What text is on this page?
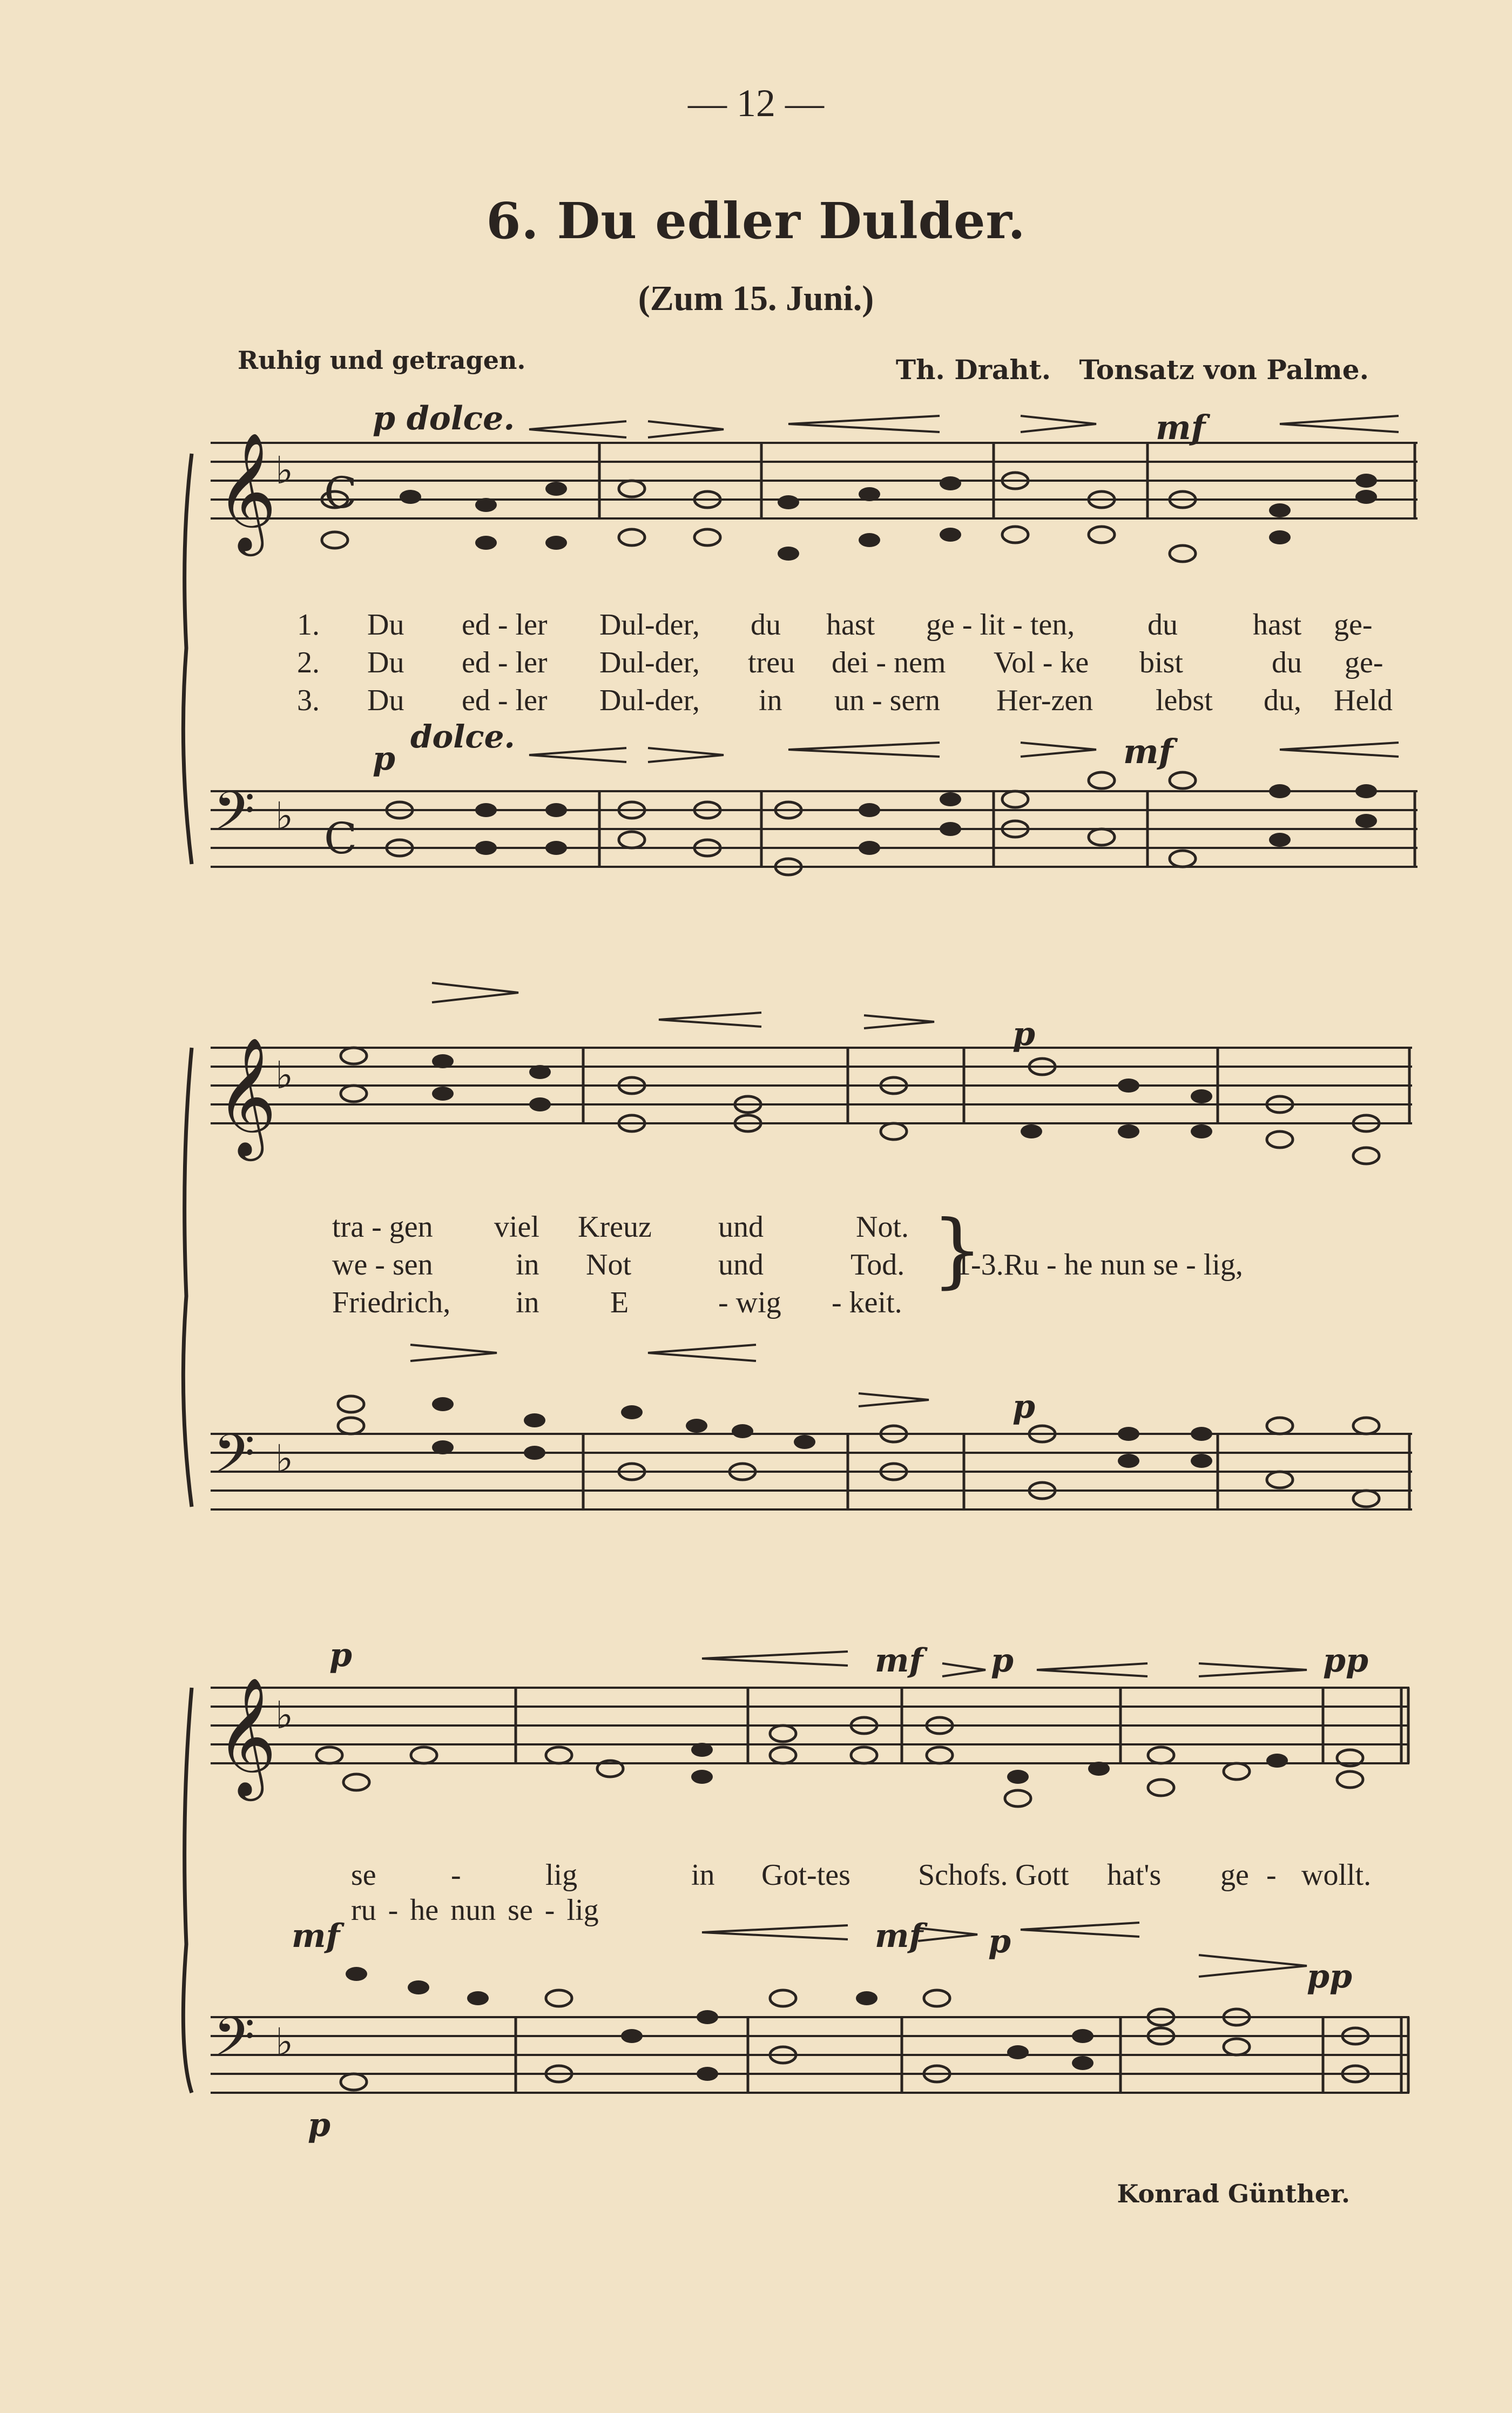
— 12 —
6. Du edler Dulder.
(Zum 15. Juni.)
Ruhig und getragen.	Th. Draht. Tonsatz von Palme.
𝄞
♭ C
𝄢 ♭ C
𝄞
♭
𝄢 ♭
𝄞
♭
𝄢 ♭
p dolce.	mf
p
dolce.	mf
p
p
p	mf p	pp
mf	mf p
pp
p
1. Du ed - ler Dul-der, du hast ge - lit - ten, du hast ge-
2. Du ed - ler Dul-der, treu dei - nem Vol - ke bist	du ge-
3. Du ed - ler Dul-der, in un - sern Her-zen lebst du, Held
tra - gen viel Kreuz und	Not.
we - sen	in Not	und	Tod.
Friedrich, in E	- wig - keit.
}
1-3.Ru - he nun se - lig,
se -	lig	in Got-tes Schofs. Gott hat's ge - wollt.
ru - he nun se - lig
Konrad Günther.
